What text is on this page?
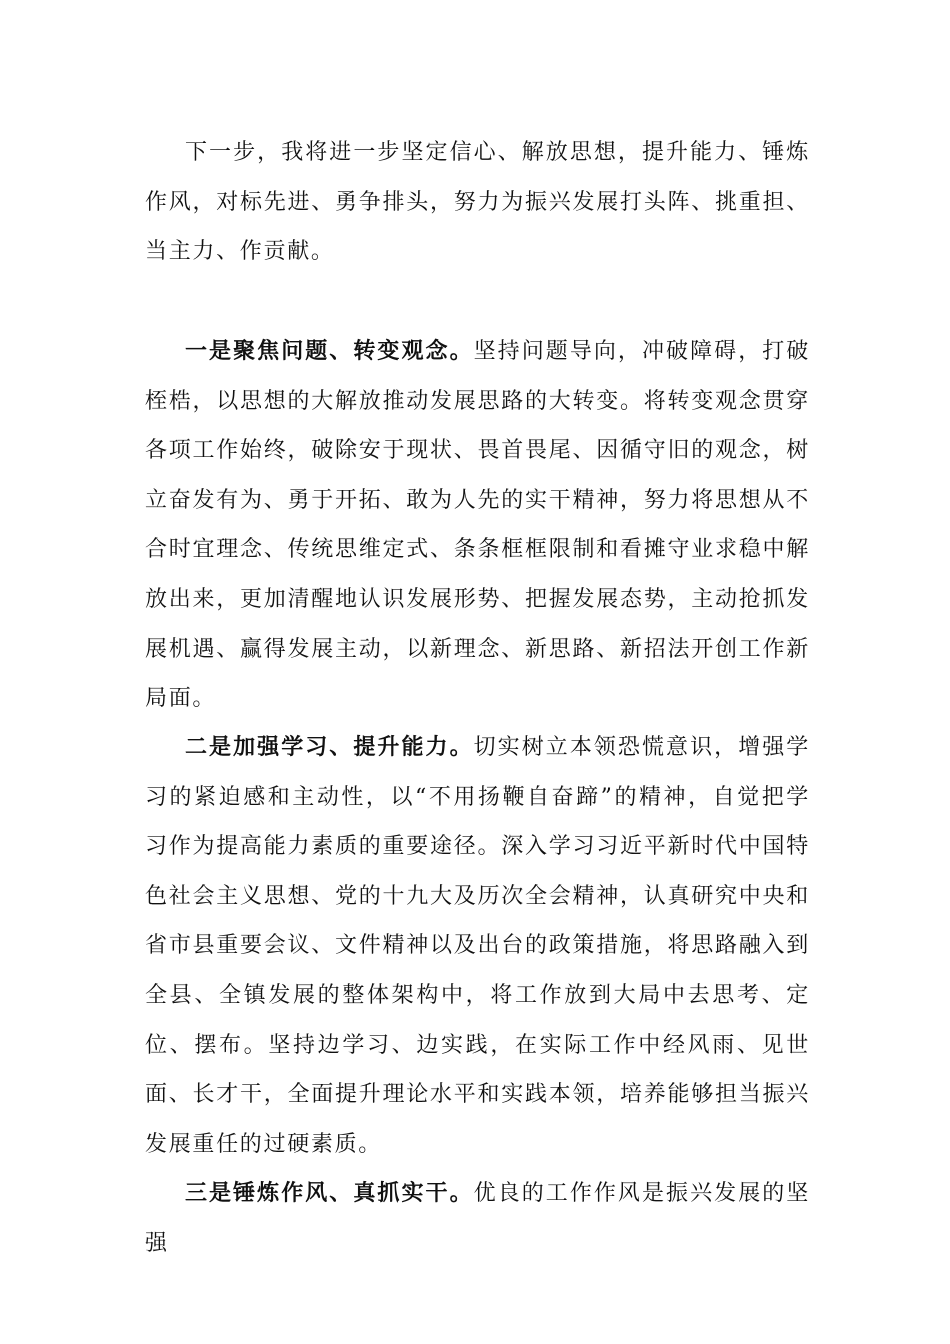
下一步，我将进一步坚定信心、解放思想，提升能力、锤炼作风，对标先进、勇争排头，努力为振兴发展打头阵、挑重担、当主力、作贡献。

一是聚焦问题、转变观念。坚持问题导向，冲破障碍，打破桎梏，以思想的大解放推动发展思路的大转变。将转变观念贯穿各项工作始终，破除安于现状、畏首畏尾、因循守旧的观念，树立奋发有为、勇于开拓、敢为人先的实干精神，努力将思想从不合时宜理念、传统思维定式、条条框框限制和看摊守业求稳中解放出来，更加清醒地认识发展形势、把握发展态势，主动抢抓发展机遇、赢得发展主动，以新理念、新思路、新招法开创工作新局面。

二是加强学习、提升能力。切实树立本领恐慌意识，增强学习的紧迫感和主动性，以“不用扬鞭自奋蹄”的精神，自觉把学习作为提高能力素质的重要途径。深入学习习近平新时代中国特色社会主义思想、党的十九大及历次全会精神，认真研究中央和省市县重要会议、文件精神以及出台的政策措施，将思路融入到全县、全镇发展的整体架构中，将工作放到大局中去思考、定位、摆布。坚持边学习、边实践，在实际工作中经风雨、见世面、长才干，全面提升理论水平和实践本领，培养能够担当振兴发展重任的过硬素质。

三是锤炼作风、真抓实干。优良的工作作风是振兴发展的坚强
